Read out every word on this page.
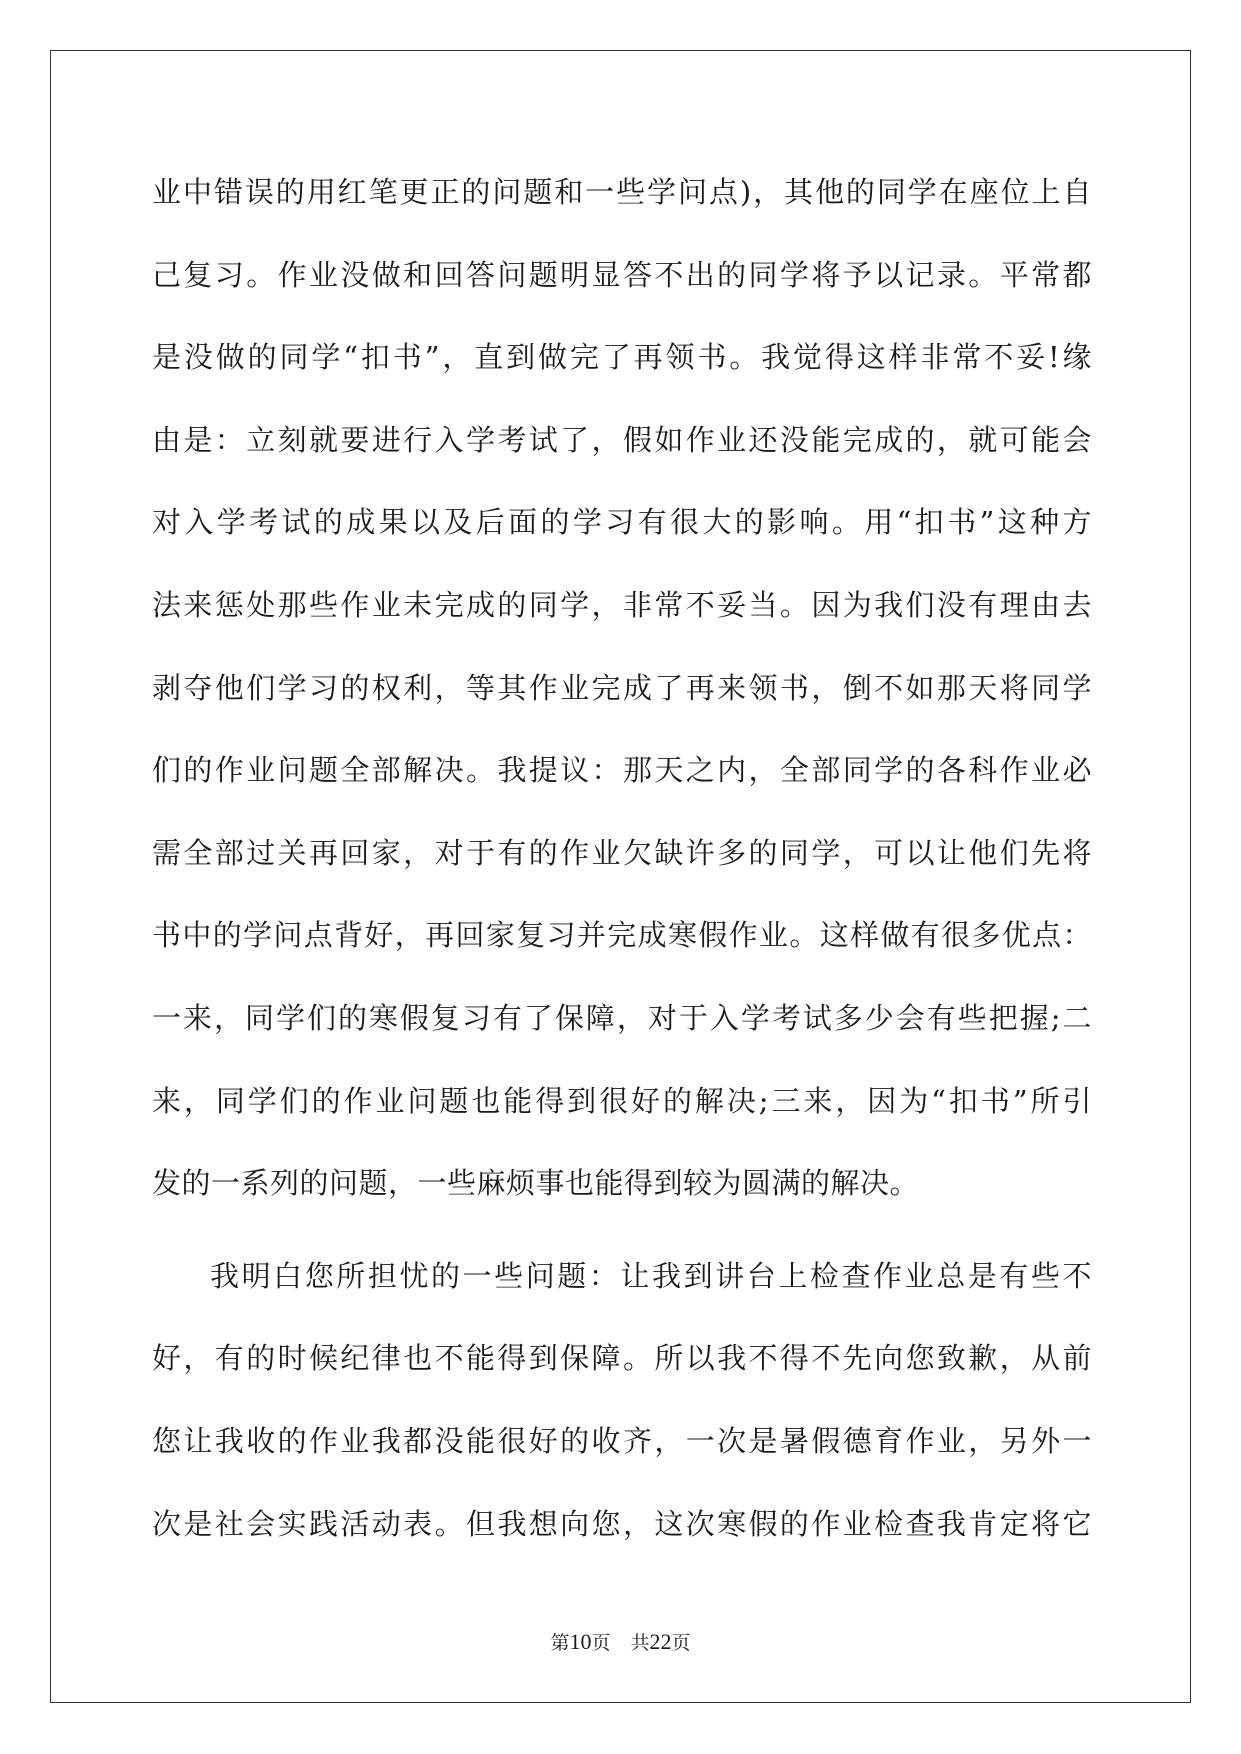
业中错误的用红笔更正的问题和一些学问点)，其他的同学在座位上自
己复习。作业没做和回答问题明显答不出的同学将予以记录。平常都
是没做的同学“扣书”，直到做完了再领书。我觉得这样非常不妥!缘
由是：立刻就要进行入学考试了，假如作业还没能完成的，就可能会
对入学考试的成果以及后面的学习有很大的影响。用“扣书”这种方
法来惩处那些作业未完成的同学，非常不妥当。因为我们没有理由去
剥夺他们学习的权利，等其作业完成了再来领书，倒不如那天将同学
们的作业问题全部解决。我提议：那天之内，全部同学的各科作业必
需全部过关再回家，对于有的作业欠缺许多的同学，可以让他们先将
书中的学问点背好，再回家复习并完成寒假作业。这样做有很多优点：
一来，同学们的寒假复习有了保障，对于入学考试多少会有些把握;二
来，同学们的作业问题也能得到很好的解决;三来，因为“扣书”所引
发的一系列的问题，一些麻烦事也能得到较为圆满的解决。
我明白您所担忧的一些问题：让我到讲台上检查作业总是有些不
好，有的时候纪律也不能得到保障。所以我不得不先向您致歉，从前
您让我收的作业我都没能很好的收齐，一次是暑假德育作业，另外一
次是社会实践活动表。但我想向您，这次寒假的作业检查我肯定将它
第10页 共22页
